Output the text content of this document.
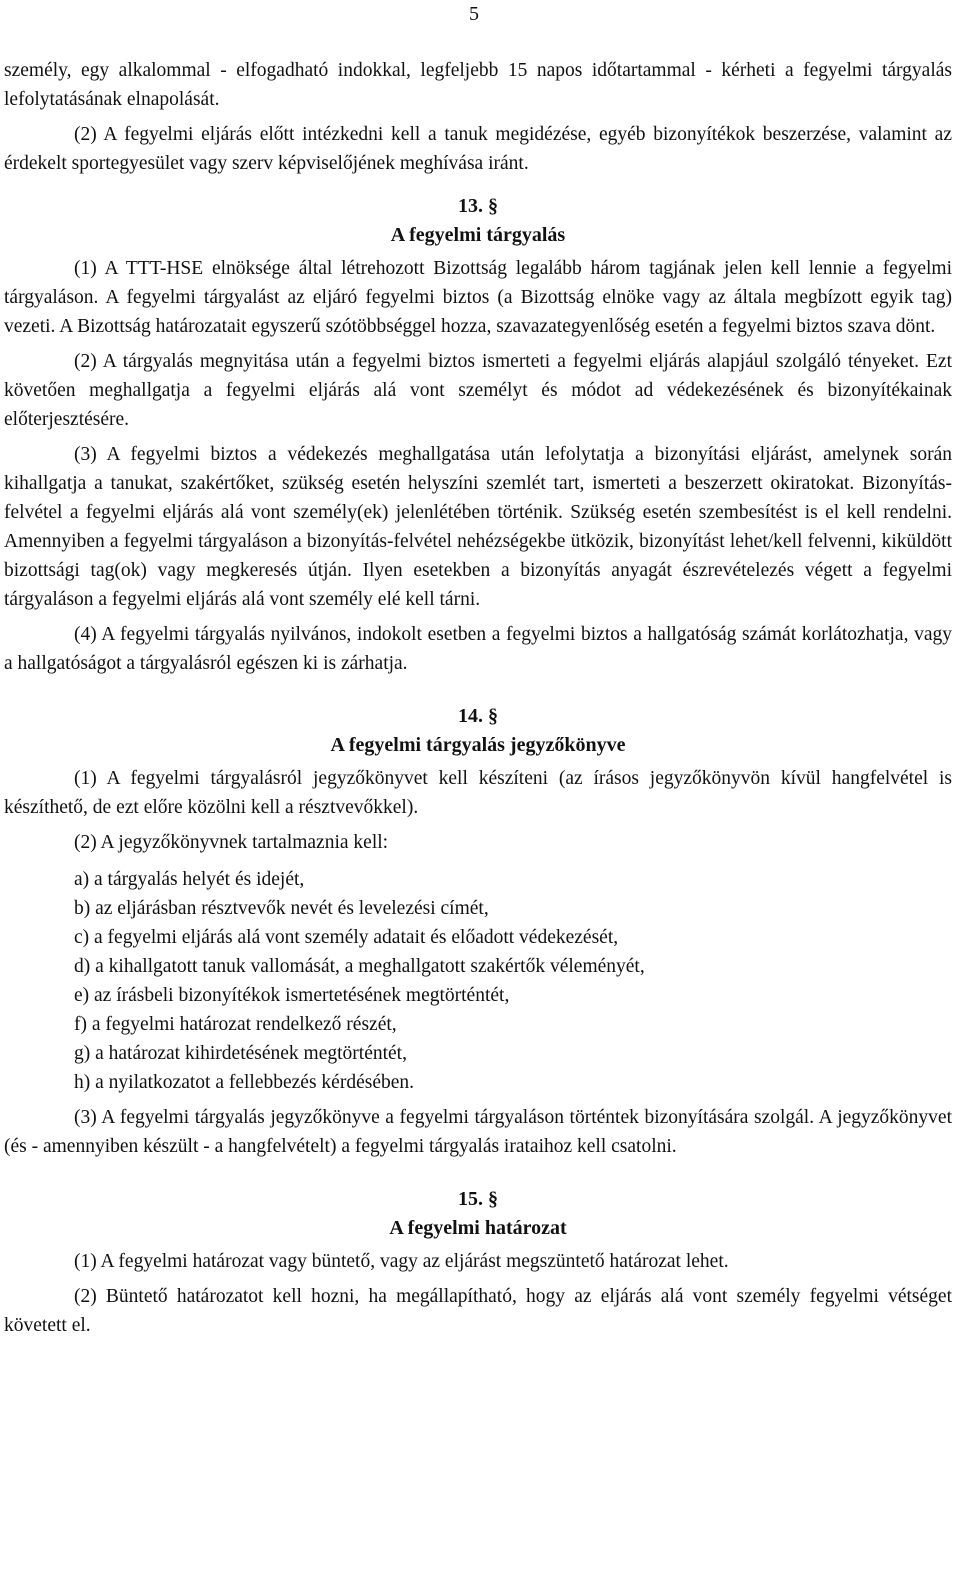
5

személy, egy alkalommal - elfogadható indokkal, legfeljebb 15 napos időtartammal - kérheti a fegyelmi tárgyalás lefolytatásának elnapolását.

(2) A fegyelmi eljárás előtt intézkedni kell a tanuk megidézése, egyéb bizonyítékok beszerzése, valamint az érdekelt sportegyesület vagy szerv képviselőjének meghívása iránt.

13. §
A fegyelmi tárgyalás

(1) A TTT-HSE elnöksége által létrehozott Bizottság legalább három tagjának jelen kell lennie a fegyelmi tárgyaláson. A fegyelmi tárgyalást az eljáró fegyelmi biztos (a Bizottság elnöke vagy az általa megbízott egyik tag) vezeti. A Bizottság határozatait egyszerű szótöbbséggel hozza, szavazategyenlőség esetén a fegyelmi biztos szava dönt.

(2) A tárgyalás megnyitása után a fegyelmi biztos ismerteti a fegyelmi eljárás alapjául szolgáló tényeket. Ezt követően meghallgatja a fegyelmi eljárás alá vont személyt és módot ad védekezésének és bizonyítékainak előterjesztésére.

(3) A fegyelmi biztos a védekezés meghallgatása után lefolytatja a bizonyítási eljárást, amelynek során kihallgatja a tanukat, szakértőket, szükség esetén helyszíni szemlét tart, ismerteti a beszerzett okiratokat. Bizonyítás-felvétel a fegyelmi eljárás alá vont személy(ek) jelenlétében történik. Szükség esetén szembesítést is el kell rendelni. Amennyiben a fegyelmi tárgyaláson a bizonyítás-felvétel nehézségekbe ütközik, bizonyítást lehet/kell felvenni, kiküldött bizottsági tag(ok) vagy megkeresés útján. Ilyen esetekben a bizonyítás anyagát észrevételezés végett a fegyelmi tárgyaláson a fegyelmi eljárás alá vont személy elé kell tárni.

(4) A fegyelmi tárgyalás nyilvános, indokolt esetben a fegyelmi biztos a hallgatóság számát korlátozhatja, vagy a hallgatóságot a tárgyalásról egészen ki is zárhatja.

14. §
A fegyelmi tárgyalás jegyzőkönyve

(1) A fegyelmi tárgyalásról jegyzőkönyvet kell készíteni (az írásos jegyzőkönyvön kívül hangfelvétel is készíthető, de ezt előre közölni kell a résztvevőkkel).

(2) A jegyzőkönyvnek tartalmaznia kell:

a) a tárgyalás helyét és idejét,
b) az eljárásban résztvevők nevét és levelezési címét,
c) a fegyelmi eljárás alá vont személy adatait és előadott védekezését,
d) a kihallgatott tanuk vallomását, a meghallgatott szakértők véleményét,
e) az írásbeli bizonyítékok ismertetésének megtörténtét,
f) a fegyelmi határozat rendelkező részét,
g) a határozat kihirdetésének megtörténtét,
h) a nyilatkozatot a fellebbezés kérdésében.

(3) A fegyelmi tárgyalás jegyzőkönyve a fegyelmi tárgyaláson történtek bizonyítására szolgál. A jegyzőkönyvet (és - amennyiben készült - a hangfelvételt) a fegyelmi tárgyalás irataihoz kell csatolni.

15. §
A fegyelmi határozat

(1) A fegyelmi határozat vagy büntető, vagy az eljárást megszüntető határozat lehet.

(2) Büntető határozatot kell hozni, ha megállapítható, hogy az eljárás alá vont személy fegyelmi vétséget követett el.
